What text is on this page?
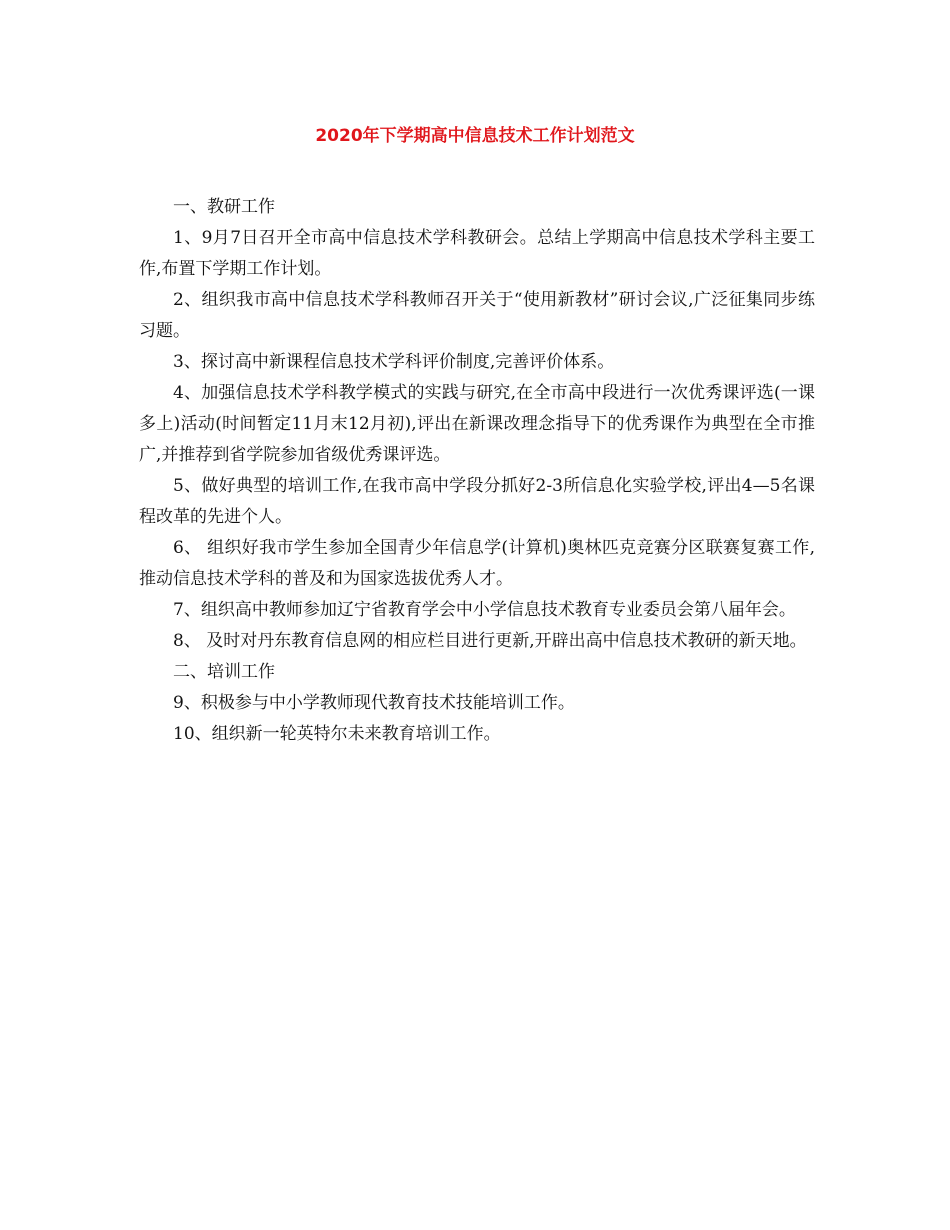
2020年下学期高中信息技术工作计划范文

一、教研工作

1、9月7日召开全市高中信息技术学科教研会。总结上学期高中信息技术学科主要工作,布置下学期工作计划。

2、组织我市高中信息技术学科教师召开关于“使用新教材”研讨会议,广泛征集同步练习题。

3、探讨高中新课程信息技术学科评价制度,完善评价体系。

4、加强信息技术学科教学模式的实践与研究,在全市高中段进行一次优秀课评选(一课多上)活动(时间暂定11月末12月初),评出在新课改理念指导下的优秀课作为典型在全市推广,并推荐到省学院参加省级优秀课评选。

5、做好典型的培训工作,在我市高中学段分抓好2-3所信息化实验学校,评出4—5名课程改革的先进个人。

6、 组织好我市学生参加全国青少年信息学(计算机)奥林匹克竞赛分区联赛复赛工作,推动信息技术学科的普及和为国家选拔优秀人才。

7、组织高中教师参加辽宁省教育学会中小学信息技术教育专业委员会第八届年会。

8、 及时对丹东教育信息网的相应栏目进行更新,开辟出高中信息技术教研的新天地。

二、培训工作

9、积极参与中小学教师现代教育技术技能培训工作。

10、组织新一轮英特尔未来教育培训工作。
